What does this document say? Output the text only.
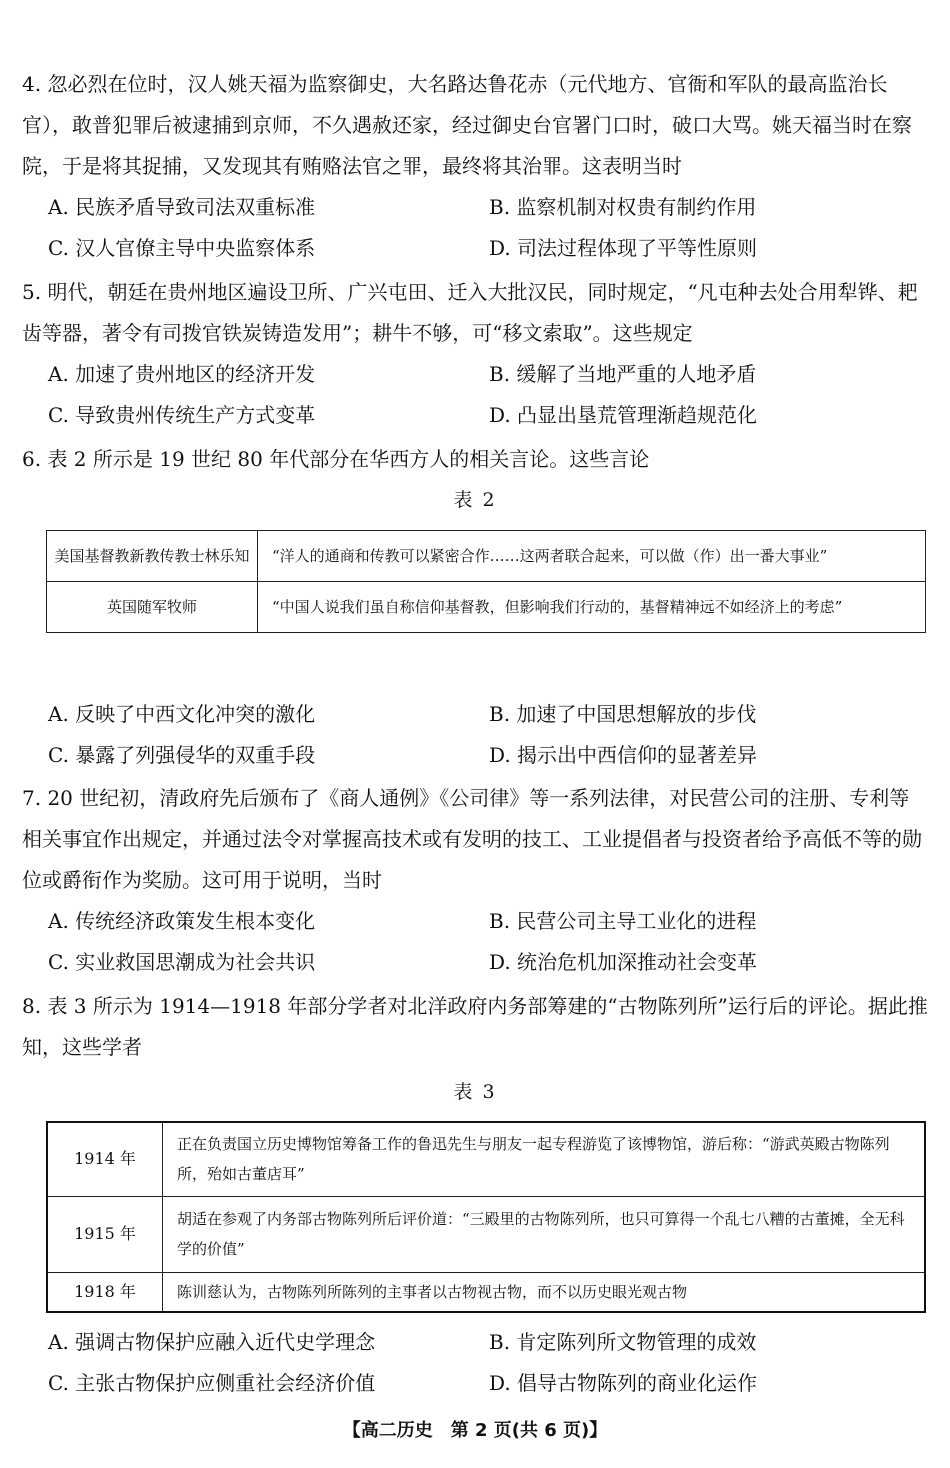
4. 忽必烈在位时，汉人姚天福为监察御史，大名路达鲁花赤（元代地方、官衙和军队的最高监治长官），敢普犯罪后被逮捕到京师，不久遇赦还家，经过御史台官署门口时，破口大骂。姚天福当时在察院，于是将其捉捕，又发现其有贿赂法官之罪，最终将其治罪。这表明当时
A. 民族矛盾导致司法双重标准	B. 监察机制对权贵有制约作用
C. 汉人官僚主导中央监察体系	D. 司法过程体现了平等性原则
5. 明代，朝廷在贵州地区遍设卫所、广兴屯田、迁入大批汉民，同时规定，“凡屯种去处合用犁铧、耙齿等器，著令有司拨官铁炭铸造发用”；耕牛不够，可“移文索取”。这些规定
A. 加速了贵州地区的经济开发	B. 缓解了当地严重的人地矛盾
C. 导致贵州传统生产方式变革	D. 凸显出垦荒管理渐趋规范化
6. 表 2 所示是 19 世纪 80 年代部分在华西方人的相关言论。这些言论
表 2
美国基督教新教传教士林乐知	“洋人的通商和传教可以紧密合作……这两者联合起来，可以做（作）出一番大事业”
英国随军牧师	“中国人说我们虽自称信仰基督教，但影响我们行动的，基督精神远不如经济上的考虑”
A. 反映了中西文化冲突的激化	B. 加速了中国思想解放的步伐
C. 暴露了列强侵华的双重手段	D. 揭示出中西信仰的显著差异
7. 20 世纪初，清政府先后颁布了《商人通例》《公司律》等一系列法律，对民营公司的注册、专利等相关事宜作出规定，并通过法令对掌握高技术或有发明的技工、工业提倡者与投资者给予高低不等的勋位或爵衔作为奖励。这可用于说明，当时
A. 传统经济政策发生根本变化	B. 民营公司主导工业化的进程
C. 实业救国思潮成为社会共识	D. 统治危机加深推动社会变革
8. 表 3 所示为 1914—1918 年部分学者对北洋政府内务部筹建的“古物陈列所”运行后的评论。据此推知，这些学者
表 3
1914 年	正在负责国立历史博物馆筹备工作的鲁迅先生与朋友一起专程游览了该博物馆，游后称：“游武英殿古物陈列所，殆如古董店耳”
1915 年	胡适在参观了内务部古物陈列所后评价道：“三殿里的古物陈列所，也只可算得一个乱七八糟的古董摊，全无科学的价值”
1918 年	陈训慈认为，古物陈列所陈列的主事者以古物视古物，而不以历史眼光观古物
A. 强调古物保护应融入近代史学理念	B. 肯定陈列所文物管理的成效
C. 主张古物保护应侧重社会经济价值	D. 倡导古物陈列的商业化运作
【高二历史　第 2 页(共 6 页)】
